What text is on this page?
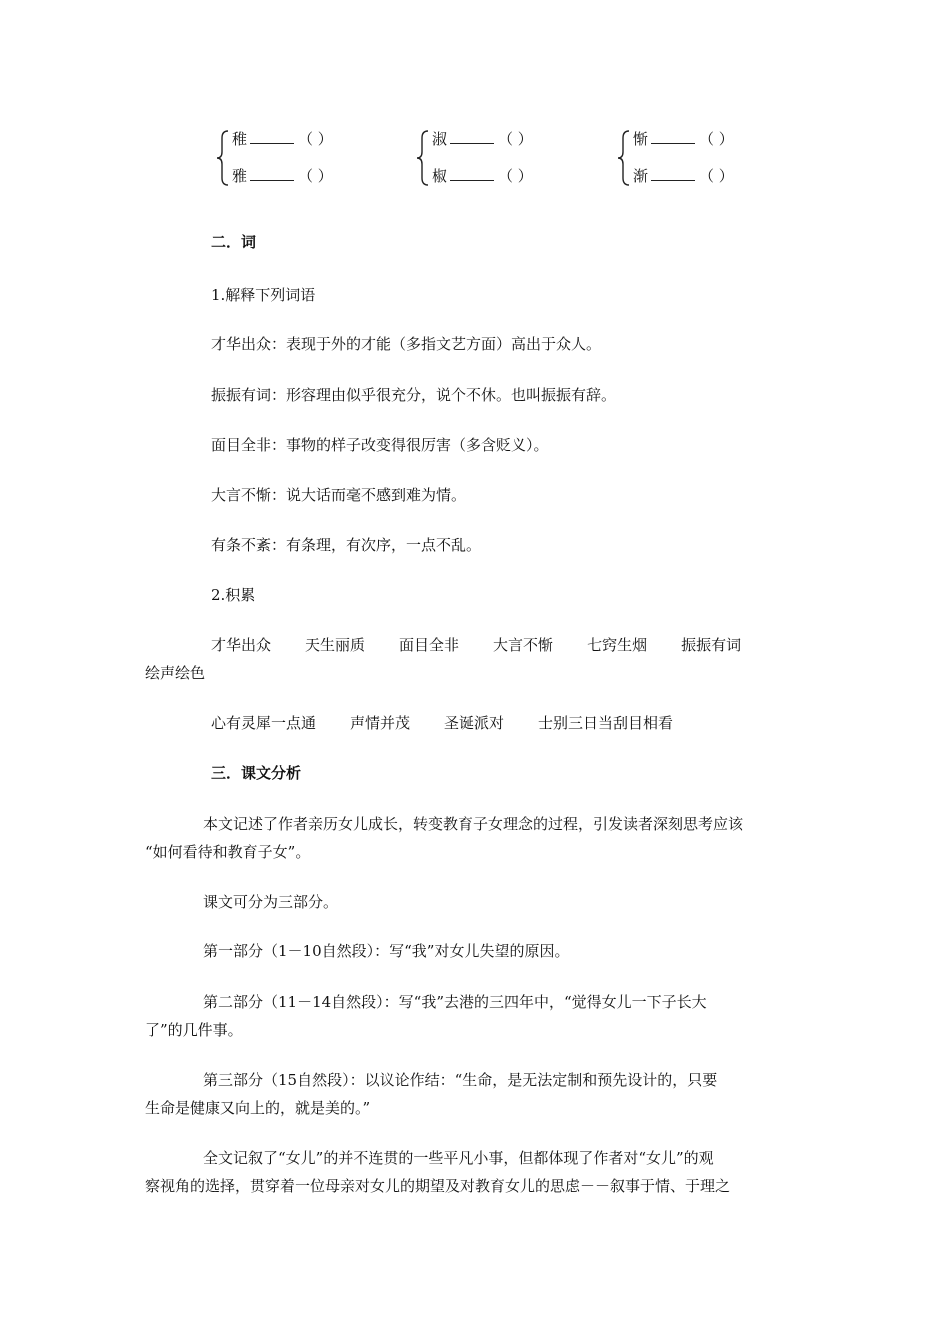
稚	（ ）
雅	（ ）
淑	（ ）
椒	（ ）
惭	（ ）
渐	（ ）
二．词
1.解释下列词语
才华出众：表现于外的才能（多指文艺方面）高出于众人。
振振有词：形容理由似乎很充分，说个不休。也叫振振有辞。
面目全非：事物的样子改变得很厉害（多含贬义）。
大言不惭：说大话而毫不感到难为情。
有条不紊：有条理，有次序，一点不乱。
2.积累
才华出众 天生丽质 面目全非 大言不惭 七窍生烟 振振有词
绘声绘色
心有灵犀一点通 声情并茂 圣诞派对 士别三日当刮目相看
三．课文分析
本文记述了作者亲历女儿成长，转变教育子女理念的过程，引发读者深刻思考应该
“如何看待和教育子女”。
课文可分为三部分。
第一部分（1－10自然段）：写“我”对女儿失望的原因。
第二部分（11－14自然段）：写“我”去港的三四年中，“觉得女儿一下子长大
了”的几件事。
第三部分（15自然段）：以议论作结：“生命，是无法定制和预先设计的，只要
生命是健康又向上的，就是美的。”
全文记叙了“女儿”的并不连贯的一些平凡小事，但都体现了作者对“女儿”的观
察视角的选择，贯穿着一位母亲对女儿的期望及对教育女儿的思虑－－叙事于情、于理之
